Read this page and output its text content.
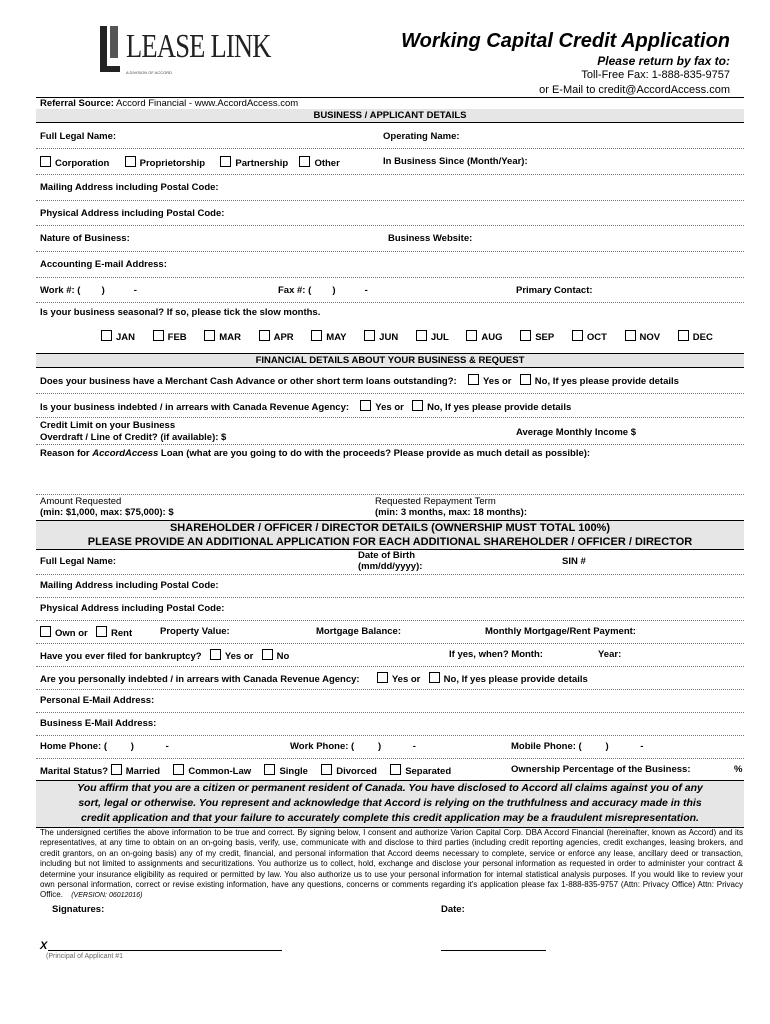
LEASE LINK
A DIVISION OF ACCORD
Working Capital Credit Application
Please return by fax to:
Toll-Free Fax: 1-888-835-9757
or E-Mail to credit@AccordAccess.com
Referral Source: Accord Financial - www.AccordAccess.com
BUSINESS / APPLICANT DETAILS
Full Legal Name:	Operating Name:
Corporation	Proprietorship	Partnership	Other	In Business Since (Month/Year):
Mailing Address including Postal Code:
Physical Address including Postal Code:
Nature of Business:	Business Website:
Accounting E-mail Address:
Work #: (        )           -	Fax #: (        )           -	Primary Contact:
Is your business seasonal? If so, please tick the slow months.
JAN	FEB	MAR	APR	MAY	JUN	JUL	AUG	SEP	OCT	NOV	DEC
FINANCIAL DETAILS ABOUT YOUR BUSINESS & REQUEST
Does your business have a Merchant Cash Advance or other short term loans outstanding?:	Yes or No, If yes please provide details
Is your business indebted / in arrears with Canada Revenue Agency:	Yes or No, If yes please provide details
Credit Limit on your Business
Overdraft / Line of Credit? (if available): $	Average Monthly Income $
Reason for AccordAccess Loan (what are you going to do with the proceeds? Please provide as much detail as possible):
Amount Requested
(min: $1,000, max: $75,000): $
Requested Repayment Term
(min: 3 months, max: 18 months):
SHAREHOLDER / OFFICER / DIRECTOR DETAILS (OWNERSHIP MUST TOTAL 100%)
PLEASE PROVIDE AN ADDITIONAL APPLICATION FOR EACH ADDITIONAL SHAREHOLDER / OFFICER / DIRECTOR
Full Legal Name:
Date of Birth
(mm/dd/yyyy):	SIN #
Mailing Address including Postal Code:
Physical Address including Postal Code:
Own or Rent	Property Value:	Mortgage Balance:	Monthly Mortgage/Rent Payment:
Have you ever filed for bankruptcy? Yes or No	If yes, when? Month:	Year:
Are you personally indebted / in arrears with Canada Revenue Agency:	Yes or No, If yes please provide details
Personal E-Mail Address:
Business E-Mail Address:
Home Phone: (         )            -	Work Phone: (         )            -	Mobile Phone: (         )            -
Marital Status? Married	Common-Law	Single	Divorced	Separated	Ownership Percentage of the Business:	%
You affirm that you are a citizen or permanent resident of Canada. You have disclosed to Accord all claims against you of any
sort, legal or otherwise. You represent and acknowledge that Accord is relying on the truthfulness and accuracy made in this
credit application and that your failure to accurately complete this credit application may be a fraudulent misrepresentation.
The undersigned certifies the above information to be true and correct. By signing below, I consent and authorize Varion Capital Corp. DBA Accord Financial (hereinafter, known as Accord) and its representatives, at any time to obtain on an on-going basis, verify, use, communicate with and disclose to third parties (including credit reporting agencies, credit exchanges, leasing brokers, and credit grantors, on an on-going basis) any of my credit, financial, and personal information that Accord deems necessary to complete, service or enforce any lease, ancillary deed or transaction, including but not limited to assignments and securitizations. You authorize us to collect, hold, exchange and disclose your personal information as requested in order to administer your contract & determine your insurance eligibility as required or permitted by law. You also authorize us to use your personal information for internal statistical analysis purposes. If you would like to review your own personal information, correct or revise existing information, have any questions, concerns or comments regarding it's application please fax 1-888-835-9757 (Attn: Privacy Office) Attn: Privacy Office. (VERSION: 06012016)
Signatures:	Date:
X
(Principal of Applicant #1
